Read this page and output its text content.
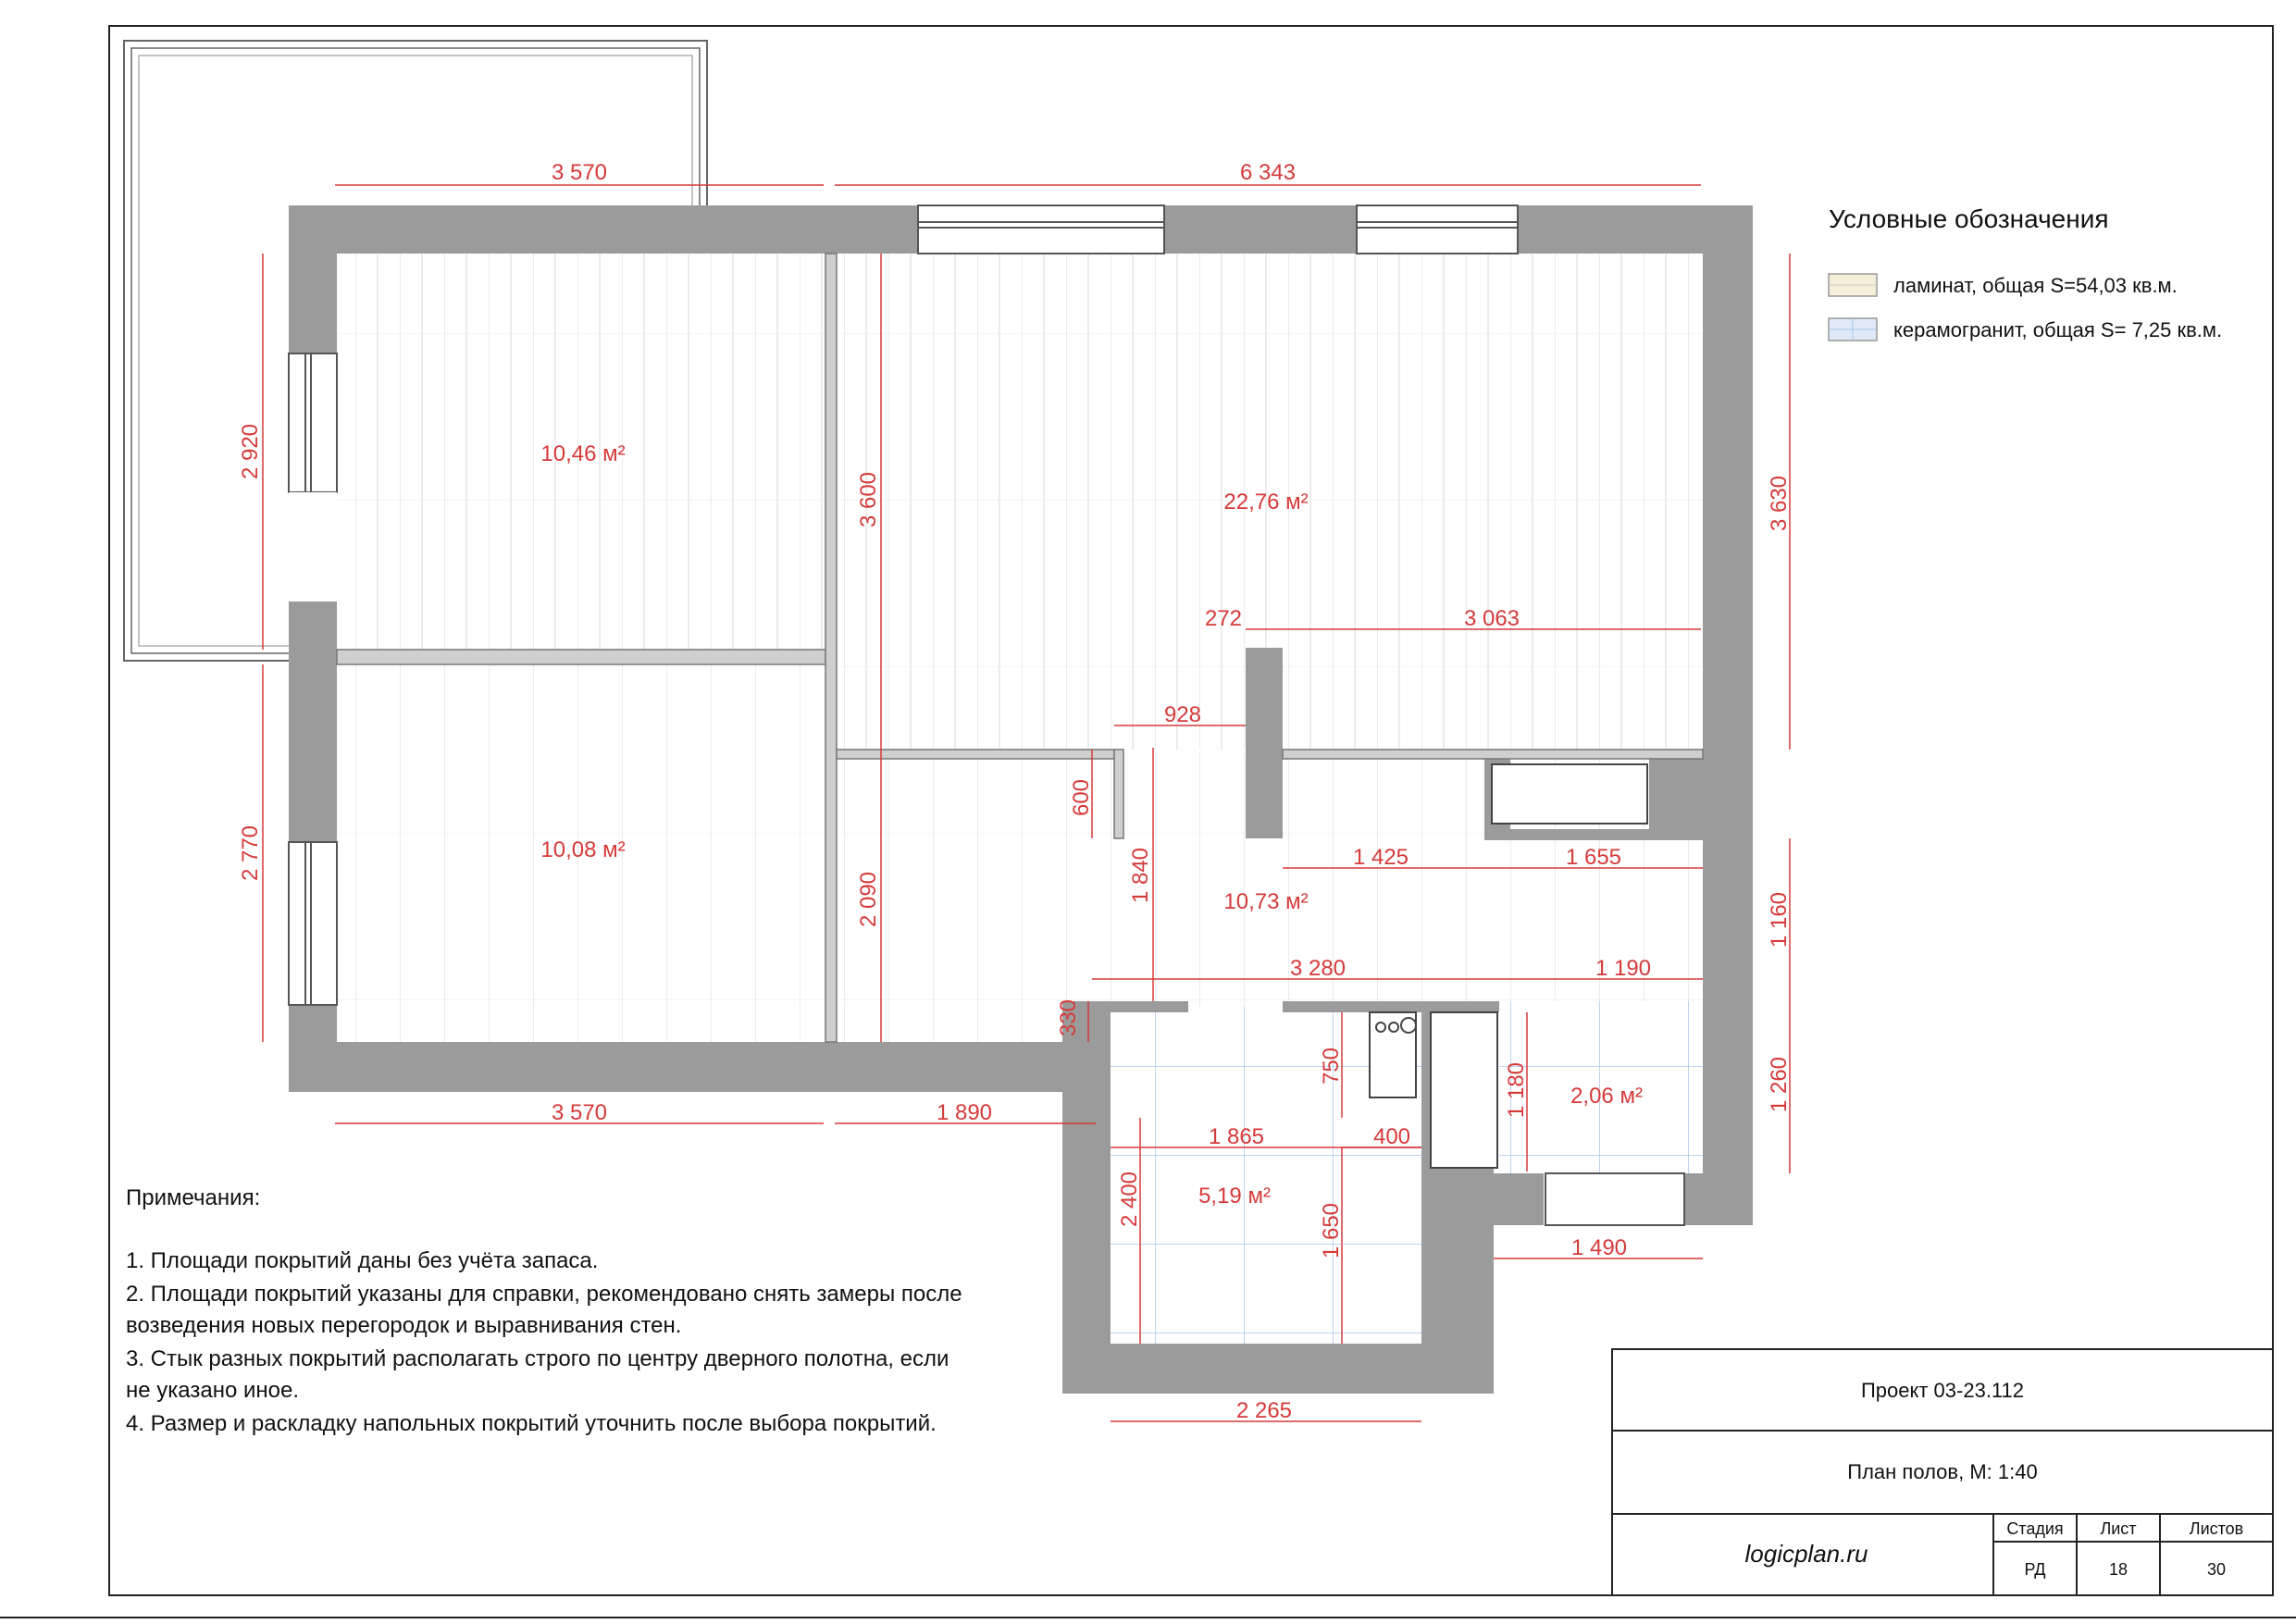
3 570	6 343
2 920
2 770
3 600
2 090
3 630
1 160
1 260
272	3 063
928
600
1 840	1 425	1 655
3 280	1 190
330
750	1 180
1 865	400
2 400
1 650
3 570	1 890
1 490
2 265
10,46 м²
22,76 м²
10,08 м²
10,73 м²
5,19 м²
2,06 м²
Условные обозначения
ламинат, общая S=54,03 кв.м.
керамогранит, общая S= 7,25 кв.м.
Примечания:
1. Площади покрытий даны без учёта запаса.
2. Площади покрытий указаны для справки, рекомендовано снять замеры после
возведения новых перегородок и выравнивания стен.
3. Стык разных покрытий располагать строго по центру дверного полотна, если
не указано иное.
4. Размер и раскладку напольных покрытий уточнить после выбора покрытий.
Проект 03-23.112
План полов, М: 1:40
logicplan.ru
Стадия Лист	Листов
РД	18	30
